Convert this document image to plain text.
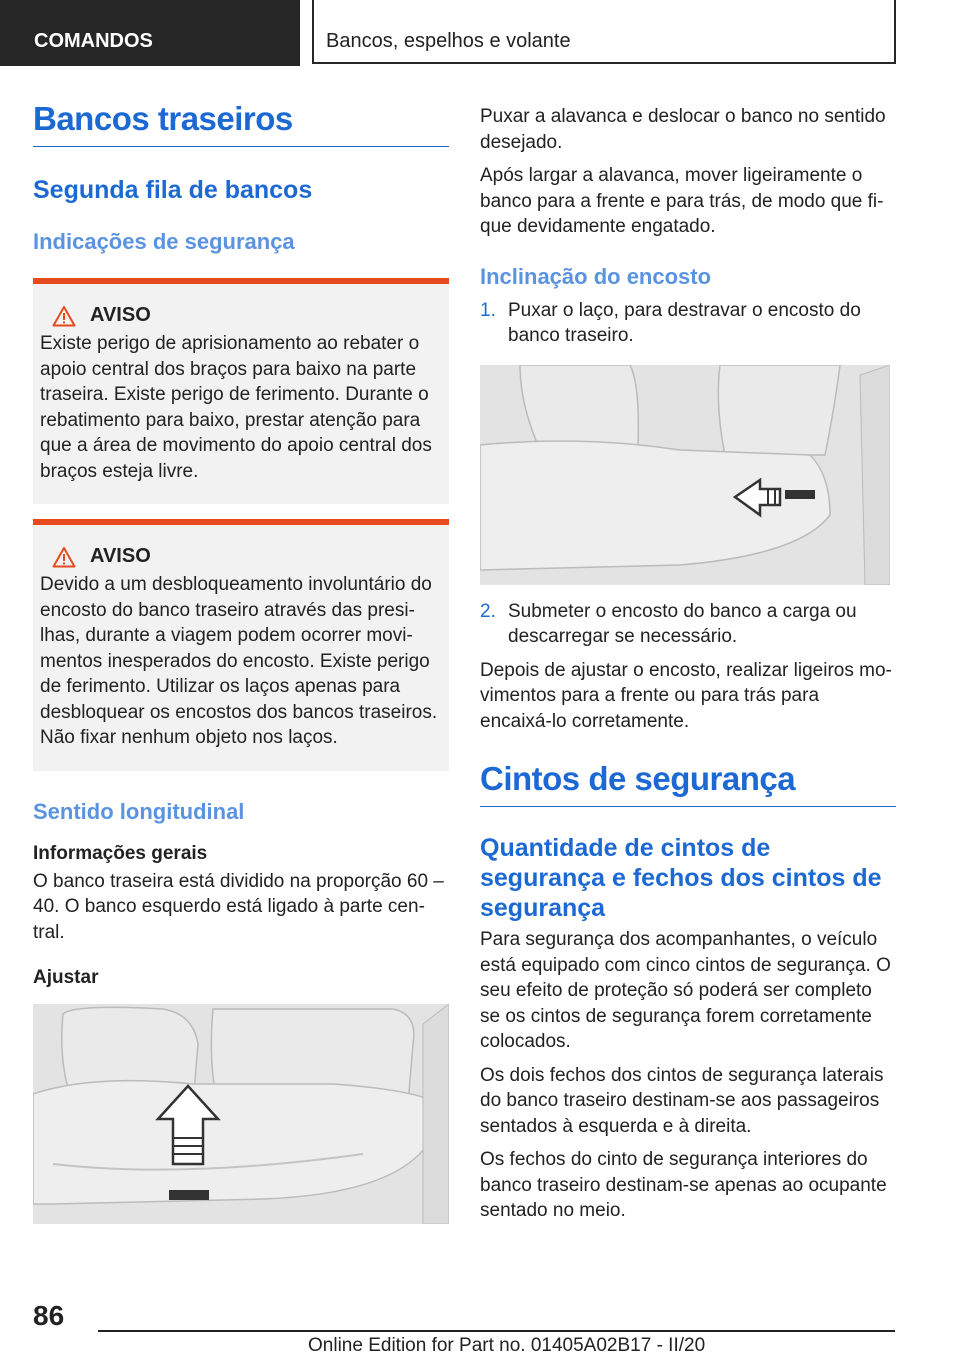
COMANDOS	Bancos, espelhos e volante
Bancos traseiros
Segunda fila de bancos
Indicações de segurança
AVISO

Existe perigo de aprisionamento ao rebater o apoio central dos braços para baixo na parte traseira. Existe perigo de ferimento. Durante o rebatimento para baixo, prestar atenção para que a área de movimento do apoio central dos braços esteja livre.

AVISO

Devido a um desbloqueamento involuntário do encosto do banco traseiro através das presilhas, durante a viagem podem ocorrer movimentos inesperados do encosto. Existe perigo de ferimento. Utilizar os laços apenas para desbloquear os encostos dos bancos traseiros. Não fixar nenhum objeto nos laços.

Sentido longitudinal
Informações gerais

O banco traseira está dividido na proporção 60 – 40. O banco esquerdo está ligado à parte central.

Ajustar

Puxar a alavanca e deslocar o banco no sentido desejado.

Após largar a alavanca, mover ligeiramente o banco para a frente e para trás, de modo que fique devidamente engatado.

Inclinação do encosto
1. Puxar o laço, para destravar o encosto do banco traseiro.
2. Submeter o encosto do banco a carga ou descarregar se necessário.

Depois de ajustar o encosto, realizar ligeiros movimentos para a frente ou para trás para encaixá-lo corretamente.

Cintos de segurança
Quantidade de cintos de segurança e fechos dos cintos de segurança

Para segurança dos acompanhantes, o veículo está equipado com cinco cintos de segurança. O seu efeito de proteção só poderá ser completo se os cintos de segurança forem corretamente colocados.

Os dois fechos dos cintos de segurança laterais do banco traseiro destinam-se aos passageiros sentados à esquerda e à direita.

Os fechos do cinto de segurança interiores do banco traseiro destinam-se apenas ao ocupante sentado no meio.

86
Online Edition for Part no. 01405A02B17 - II/20
